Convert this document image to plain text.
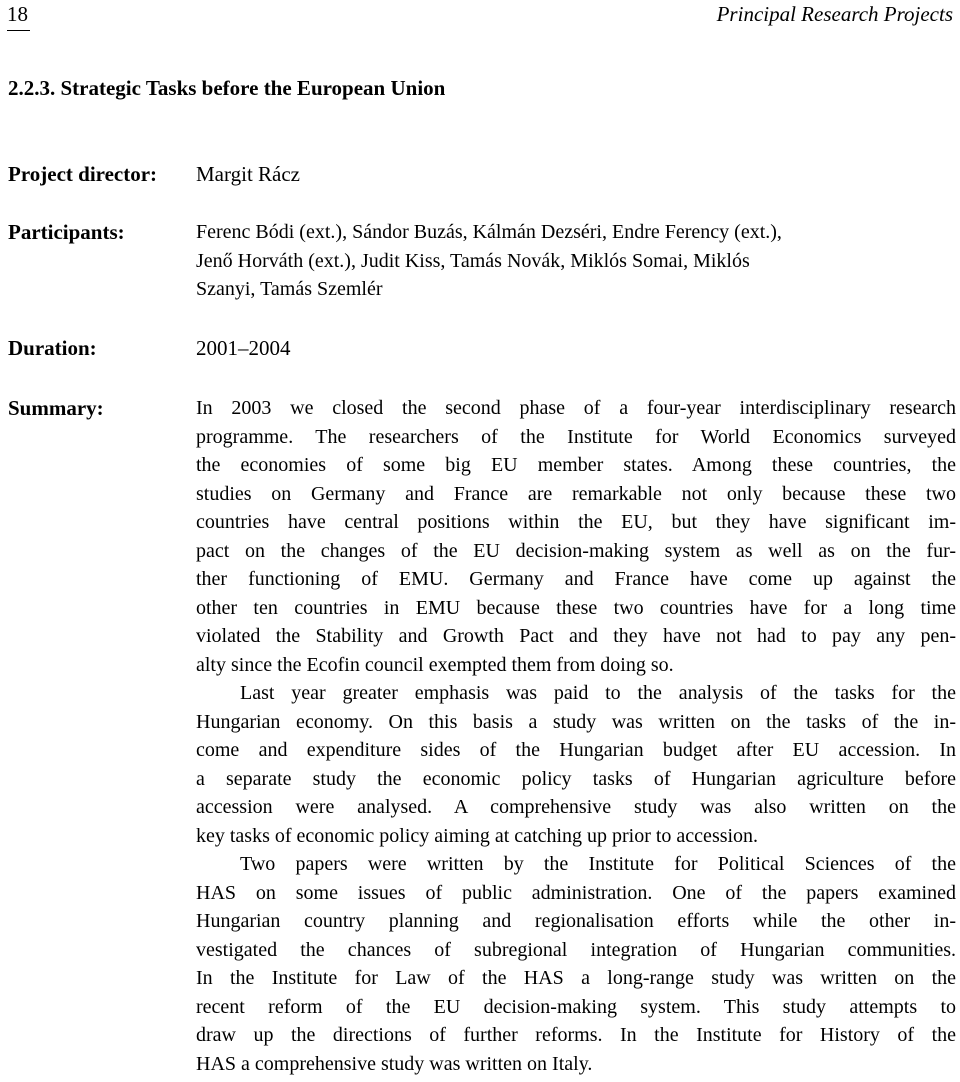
18	Principal Research Projects
2.2.3. Strategic Tasks before the European Union
Project director: Margit Rácz
Participants:	Ferenc Bódi (ext.), Sándor Buzás, Kálmán Dezséri, Endre Ferency (ext.),
Jenő Horváth (ext.), Judit Kiss, Tamás Novák, Miklós Somai, Miklós
Szanyi, Tamás Szemlér
Duration:	2001–2004
Summary:	In 2003 we closed the second phase of a four-year interdisciplinary research
programme. The researchers of the Institute for World Economics surveyed
the economies of some big EU member states. Among these countries, the
studies on Germany and France are remarkable not only because these two
countries have central positions within the EU, but they have significant im-
pact on the changes of the EU decision-making system as well as on the fur-
ther functioning of EMU. Germany and France have come up against the
other ten countries in EMU because these two countries have for a long time
violated the Stability and Growth Pact and they have not had to pay any pen-
alty since the Ecofin council exempted them from doing so.
Last year greater emphasis was paid to the analysis of the tasks for the
Hungarian economy. On this basis a study was written on the tasks of the in-
come and expenditure sides of the Hungarian budget after EU accession. In
a separate study the economic policy tasks of Hungarian agriculture before
accession were analysed. A comprehensive study was also written on the
key tasks of economic policy aiming at catching up prior to accession.
Two papers were written by the Institute for Political Sciences of the
HAS on some issues of public administration. One of the papers examined
Hungarian country planning and regionalisation efforts while the other in-
vestigated the chances of subregional integration of Hungarian communities.
In the Institute for Law of the HAS a long-range study was written on the
recent reform of the EU decision-making system. This study attempts to
draw up the directions of further reforms. In the Institute for History of the
HAS a comprehensive study was written on Italy.
